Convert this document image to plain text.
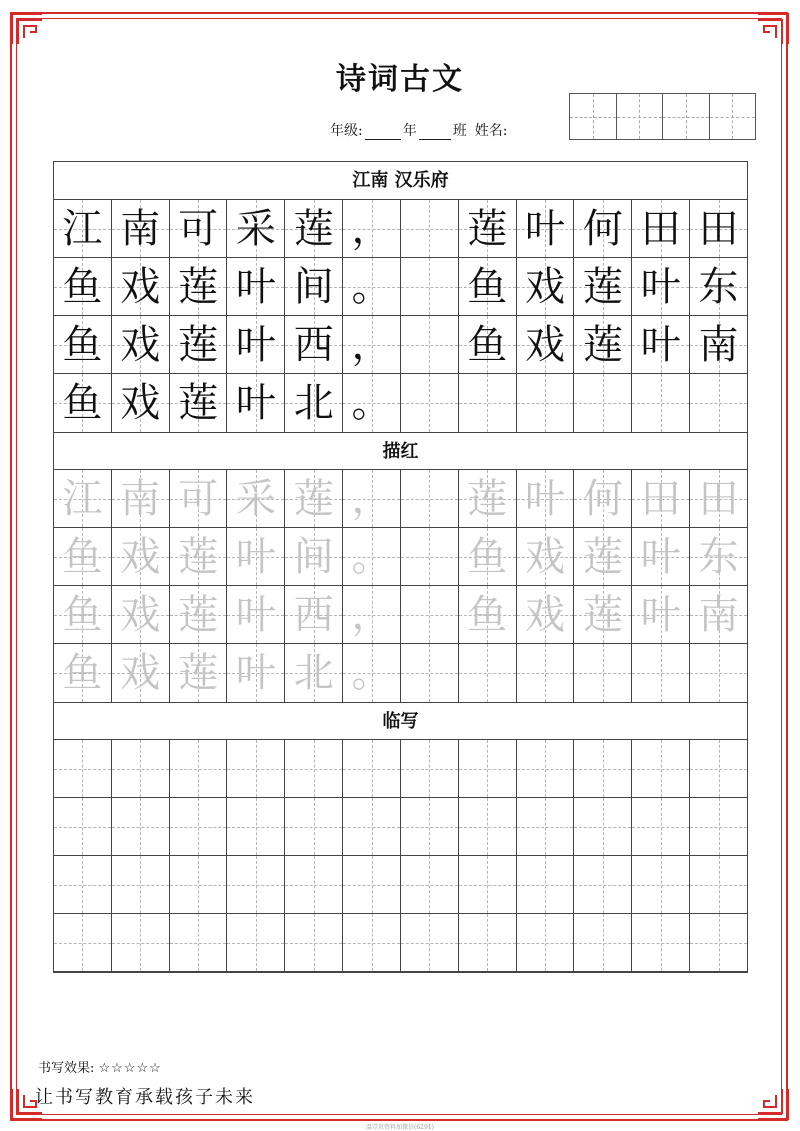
诗词古文
年级:	年	班 姓名:
江南 汉乐府
江 南 可 采 莲 ， 莲 叶 何 田 田
鱼 戏 莲 叶 间 。 鱼 戏 莲 叶 东
鱼 戏 莲 叶 西 ， 鱼 戏 莲 叶 南
鱼 戏 莲 叶 北 。
描红
江 南 可 采 莲 ， 莲 叶 何 田 田
鱼 戏 莲 叶 间 。 鱼 戏 莲 叶 东
鱼 戏 莲 叶 西 ， 鱼 戏 莲 叶 南
鱼 戏 莲 叶 北 。
临写
书写效果: ☆☆☆☆☆
让书写教育承载孩子未来
温壹页资料加微信(6291)
